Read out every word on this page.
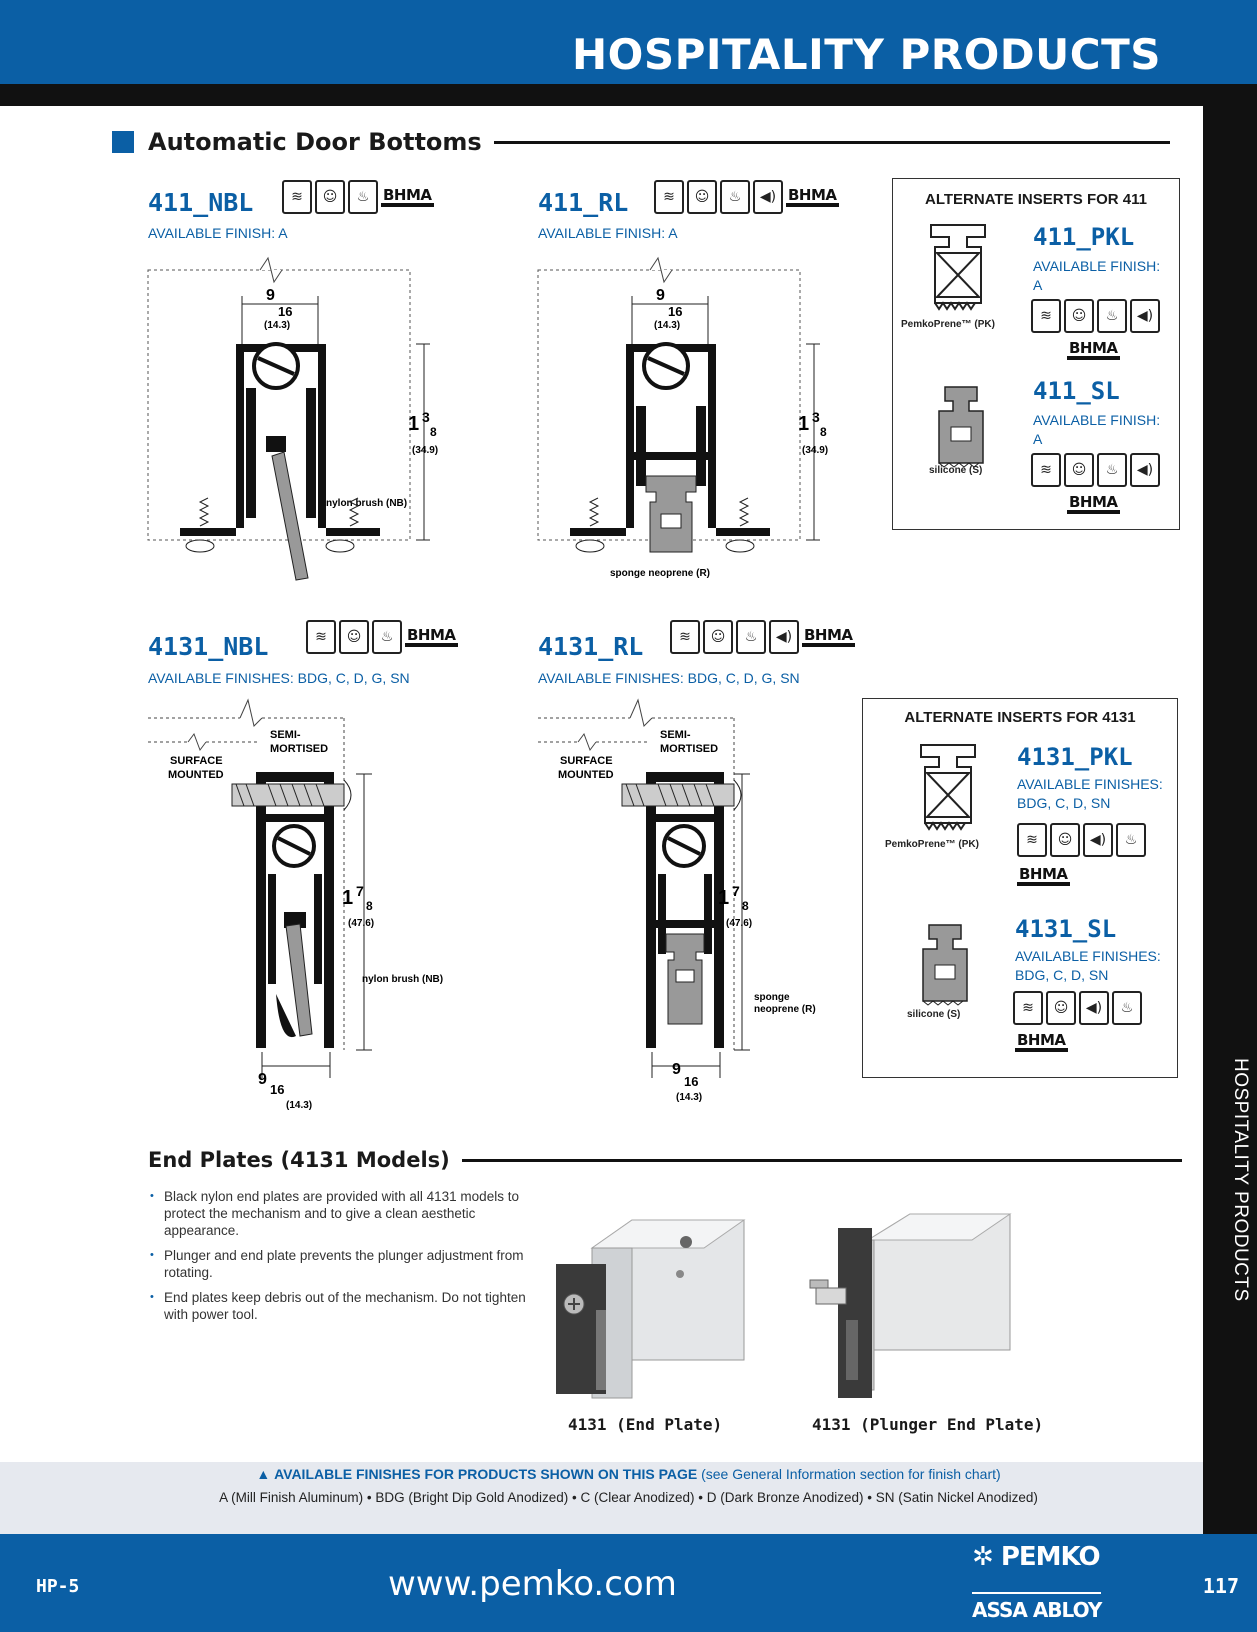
HOSPITALITY PRODUCTS
HOSPITALITY PRODUCTS
Automatic Door Bottoms
411_NBL	≋	☺	♨ BHMA
AVAILABLE FINISH: A
9
16
(14.3)
1 3
8
(34.9)
nylon brush (NB)
411_RL	≋	☺	♨	◀) BHMA
AVAILABLE FINISH: A
9
16
(14.3)
1 3
8
(34.9)
sponge neoprene (R)
ALTERNATE INSERTS FOR 411
PemkoPrene™ (PK)
411_PKL
AVAILABLE FINISH:
A
≋	☺	♨	◀)
BHMA
silicone (S)
411_SL
AVAILABLE FINISH:
A
≋	☺	♨	◀)
BHMA
4131_NBL	≋	☺	♨ BHMA
AVAILABLE FINISHES: BDG, C, D, G, SN
SEMI-
MORTISED
SURFACE
MOUNTED
1 7
8
(47.6)
nylon brush (NB)
9
16
(14.3)
4131_RL	≋	☺	♨	◀) BHMA
AVAILABLE FINISHES: BDG, C, D, G, SN
SEMI-
MORTISED
SURFACE
MOUNTED
1 7
8
(47.6)
sponge
neoprene (R)
9
16
(14.3)
ALTERNATE INSERTS FOR 4131
PemkoPrene™ (PK)
4131_PKL
AVAILABLE FINISHES:
BDG, C, D, SN
≋	☺	◀)	♨
BHMA
silicone (S)
4131_SL
AVAILABLE FINISHES:
BDG, C, D, SN
≋	☺	◀)	♨
BHMA
End Plates (4131 Models)
• Black nylon end plates are provided with all 4131 models to protect the mechanism and to give a clean aesthetic appearance.
• Plunger and end plate prevents the plunger adjustment from rotating.
• End plates keep debris out of the mechanism. Do not tighten with power tool.
4131 (End Plate)	4131 (Plunger End Plate)
▲ AVAILABLE FINISHES FOR PRODUCTS SHOWN ON THIS PAGE (see General Information section for finish chart)
A (Mill Finish Aluminum) • BDG (Bright Dip Gold Anodized) • C (Clear Anodized) • D (Dark Bronze Anodized) • SN (Satin Nickel Anodized)
HP-5	www.pemko.com
✲ PEMKO
ASSA ABLOY
117
